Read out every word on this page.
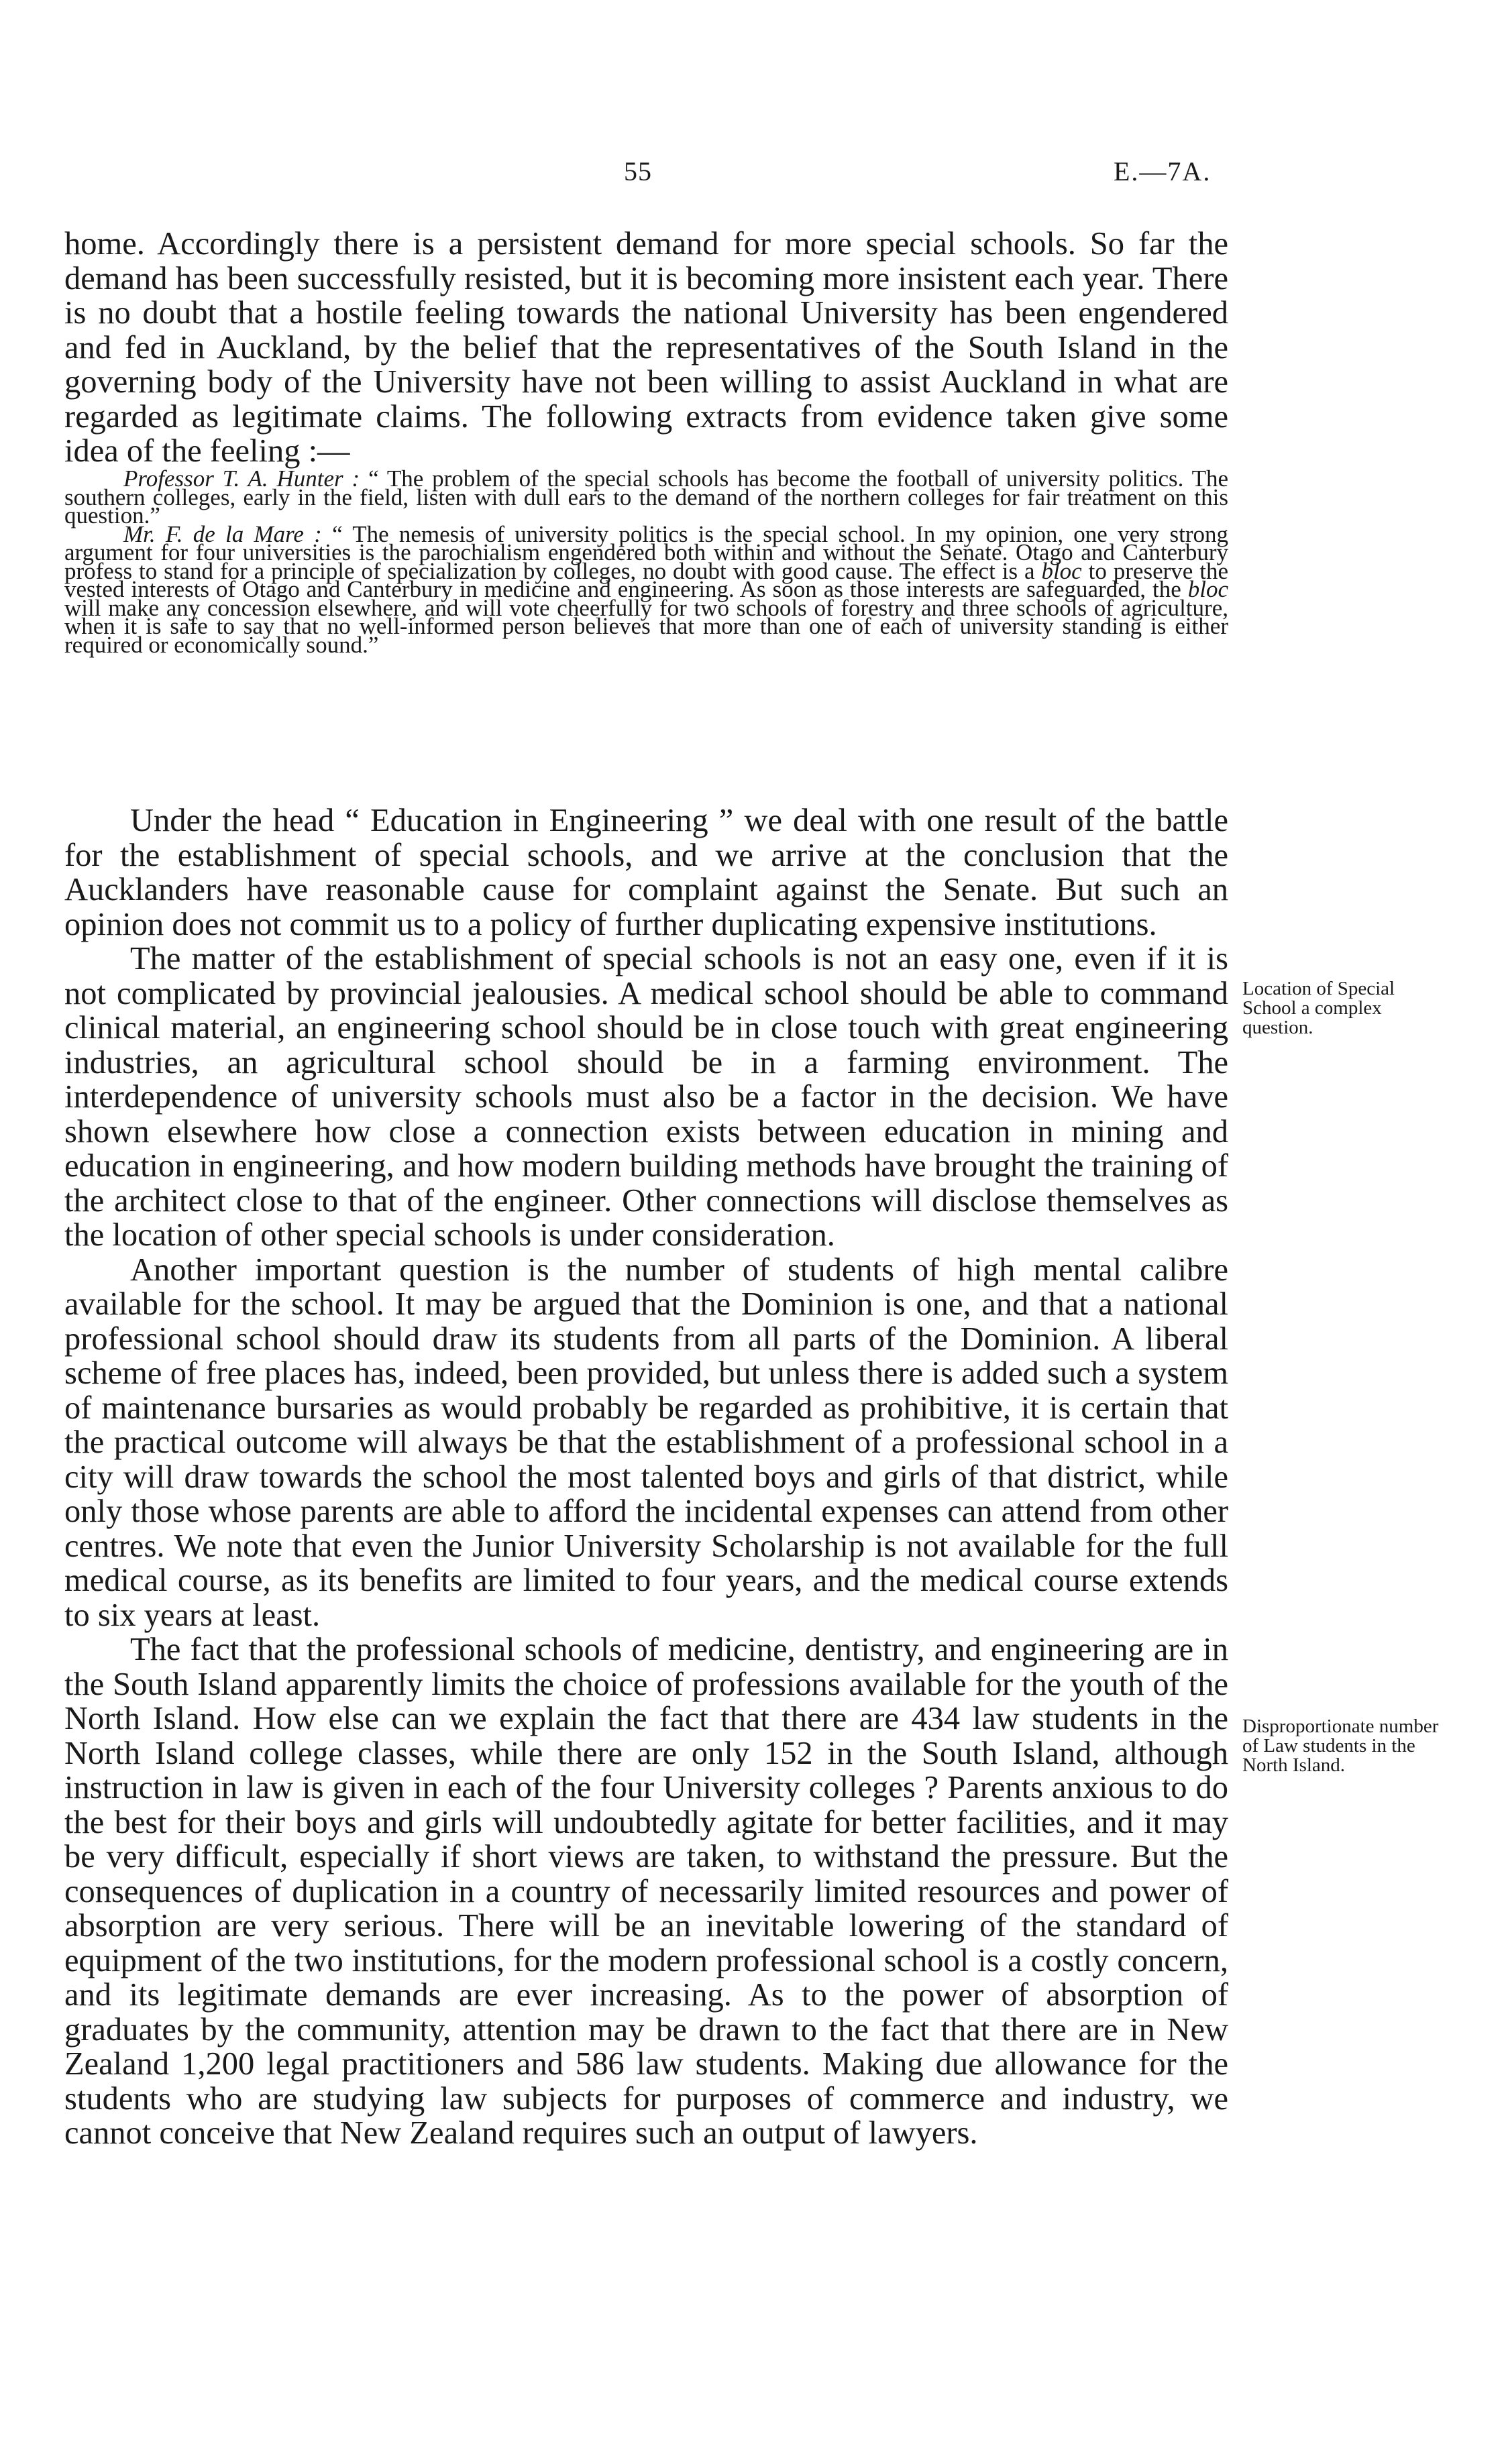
55	E.—7A.

home. Accordingly there is a persistent demand for more special schools. So far the demand has been successfully resisted, but it is becoming more insistent each year. There is no doubt that a hostile feeling towards the national University has been engendered and fed in Auckland, by the belief that the representatives of the South Island in the governing body of the University have not been willing to assist Auckland in what are regarded as legitimate claims. The following extracts from evidence taken give some idea of the feeling :—

Professor T. A. Hunter : “ The problem of the special schools has become the football of university politics. The southern colleges, early in the field, listen with dull ears to the demand of the northern colleges for fair treatment on this question.”

Mr. F. de la Mare : “ The nemesis of university politics is the special school. In my opinion, one very strong argument for four universities is the parochialism engendered both within and without the Senate. Otago and Canterbury profess to stand for a principle of specialization by colleges, no doubt with good cause. The effect is a bloc to preserve the vested interests of Otago and Canterbury in medicine and engineering. As soon as those interests are safeguarded, the bloc will make any concession elsewhere, and will vote cheerfully for two schools of forestry and three schools of agriculture, when it is safe to say that no well-informed person believes that more than one of each of university standing is either required or economically sound.”

Under the head “ Education in Engineering ” we deal with one result of the battle for the establishment of special schools, and we arrive at the conclusion that the Aucklanders have reasonable cause for complaint against the Senate. But such an opinion does not commit us to a policy of further duplicating expensive institutions.

The matter of the establishment of special schools is not an easy one, even if it is not complicated by provincial jealousies. A medical school should be able to command clinical material, an engineering school should be in close touch with great engineering industries, an agricultural school should be in a farming environment. The interdependence of university schools must also be a factor in the decision. We have shown elsewhere how close a connection exists between education in mining and education in engineering, and how modern building methods have brought the training of the architect close to that of the engineer. Other connections will disclose themselves as the location of other special schools is under consideration.

Another important question is the number of students of high mental calibre available for the school. It may be argued that the Dominion is one, and that a national professional school should draw its students from all parts of the Dominion. A liberal scheme of free places has, indeed, been provided, but unless there is added such a system of maintenance bursaries as would probably be regarded as prohibitive, it is certain that the practical outcome will always be that the establishment of a professional school in a city will draw towards the school the most talented boys and girls of that district, while only those whose parents are able to afford the incidental expenses can attend from other centres. We note that even the Junior University Scholarship is not available for the full medical course, as its benefits are limited to four years, and the medical course extends to six years at least.

The fact that the professional schools of medicine, dentistry, and engineering are in the South Island apparently limits the choice of professions available for the youth of the North Island. How else can we explain the fact that there are 434 law students in the North Island college classes, while there are only 152 in the South Island, although instruction in law is given in each of the four University colleges ? Parents anxious to do the best for their boys and girls will undoubtedly agitate for better facilities, and it may be very difficult, especially if short views are taken, to withstand the pressure. But the consequences of duplication in a country of necessarily limited resources and power of absorption are very serious. There will be an inevitable lowering of the standard of equipment of the two institutions, for the modern professional school is a costly concern, and its legitimate demands are ever increasing. As to the power of absorption of graduates by the community, attention may be drawn to the fact that there are in New Zealand 1,200 legal practitioners and 586 law students. Making due allowance for the students who are studying law subjects for purposes of commerce and industry, we cannot conceive that New Zealand requires such an output of lawyers.

Location of Special School a complex question.
Disproportionate number of Law students in the North Island.
